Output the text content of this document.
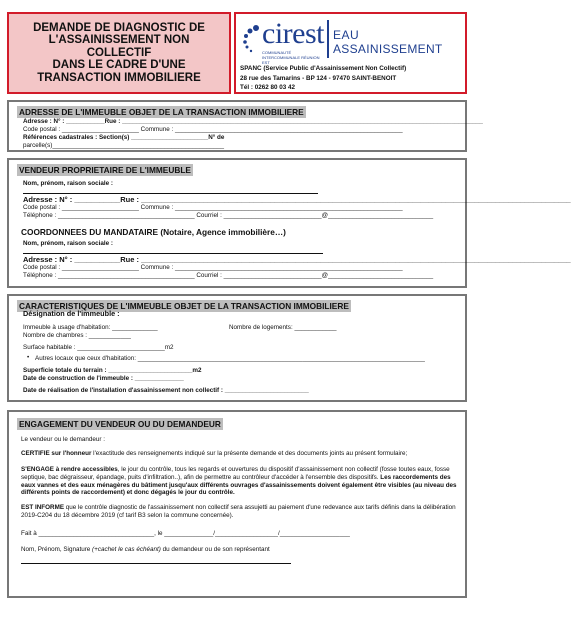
DEMANDE DE DIAGNOSTIC DE
L'ASSAINISSEMENT NON
COLLECTIF
DANS LE CADRE D'UNE
TRANSACTION IMMOBILIERE
cirest
COMMUNAUTÉ INTERCOMMUNALE RÉUNION EST
EAU
ASSAINISSEMENT
SPANC (Service Public d'Assainissement Non Collectif)
28 rue des Tamarins - BP 124 - 97470 SAINT-BENOIT
Tél : 0262 80 03 42
ADRESSE DE L'IMMEUBLE OBJET DE LA TRANSACTION IMMOBILIERE
Adresse : N° : ___________Rue : _______________________________________________________________________________________________________
Code postal : ______________________ Commune : _________________________________________________________________
Références cadastrales : Section(s) ______________________N° de
parcelle(s)_________________________________________________
VENDEUR PROPRIETAIRE DE L'IMMEUBLE
Nom, prénom, raison sociale :
Adresse : N° : ___________Rue : _______________________________________________________________________________________________________
Code postal : ______________________ Commune : _________________________________________________________________
Téléphone : _______________________________________ Courriel : ____________________________@______________________________
COORDONNEES DU MANDATAIRE (Notaire, Agence immobilière…)
Nom, prénom, raison sociale :
Adresse : N° : ___________Rue : _______________________________________________________________________________________________________
Code postal : ______________________ Commune : _________________________________________________________________
Téléphone : _______________________________________ Courriel : ____________________________@______________________________
CARACTERISTIQUES DE L'IMMEUBLE OBJET DE LA TRANSACTION IMMOBILIERE
Désignation de l'immeuble :
Immeuble à usage d'habitation: _____________	Nombre de logements: ____________
Nombre de chambres : ____________
Surface habitable : _________________________m2
• Autres locaux que ceux d'habitation: __________________________________________________________________________________
Superficie totale du terrain : ________________________m2
Date de construction de l'immeuble : ______________
Date de réalisation de l'installation d'assainissement non collectif : ________________________
ENGAGEMENT DU VENDEUR OU DU DEMANDEUR
Le vendeur ou le demandeur :
CERTIFIE sur l'honneur l'exactitude des renseignements indiqué sur la présente demande et des documents joints au présent formulaire;
S'ENGAGE à rendre accessibles, le jour du contrôle, tous les regards et ouvertures du dispositif d'assainissement non collectif (fosse toutes eaux, fosse septique, bac dégraisseur, épandage, puits d'infiltration..), afin de permettre au contrôleur d'accéder à l'ensemble des dispositifs. Les raccordements des eaux vannes et des eaux ménagères du bâtiment jusqu'aux différents ouvrages d'assainissements doivent également être visibles (au niveau des différents points de raccordement) et donc dégagés le jour du contrôle.
EST INFORME que le contrôle diagnostic de l'assainissement non collectif sera assujetti au paiement d'une redevance aux tarifs définis dans la délibération 2019-C204 du 18 décembre 2019 (cf tarif B3 selon la commune concernée).
Fait à _________________________________, le ______________/__________________/____________________
Nom, Prénom, Signature (+cachet le cas échéant) du demandeur ou de son représentant
